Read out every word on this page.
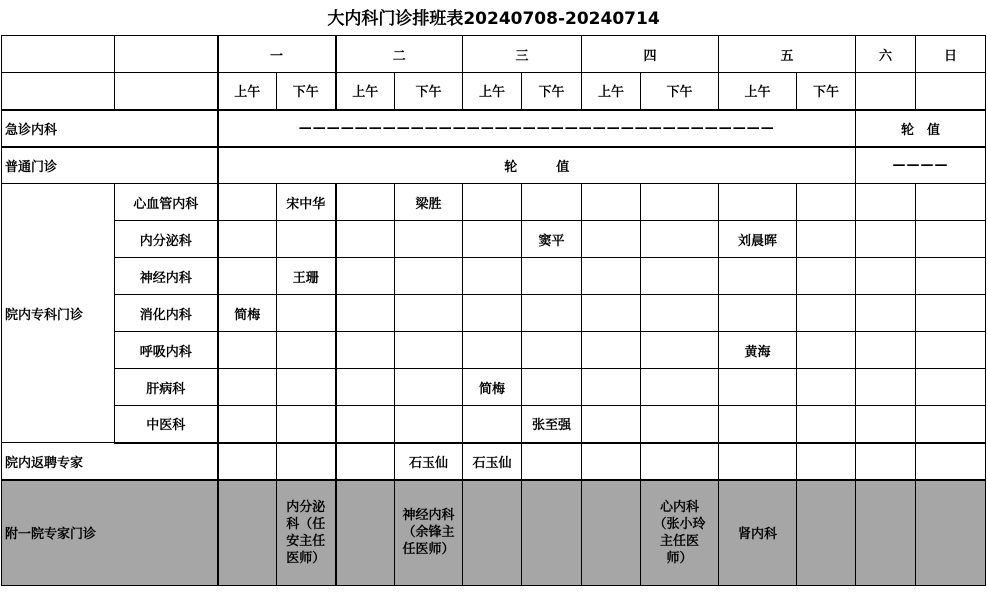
大内科门诊排班表20240708-20240714
		一		二		三		四		五		六	日
		上午	下午	上午	下午	上午	下午	上午	下午	上午	下午		
急诊内科		——————————————————————————————————										轮　值	
普通门诊		轮　　　值										————	
院内专科门诊	心血管内科		宋中华		梁胜								
	内分泌科						窦平			刘晨晖			
	神经内科		王珊										
	消化内科	简梅											
	呼吸内科									黄海			
	肝病科					简梅							
	中医科						张至强						
院内返聘专家					石玉仙	石玉仙							
附一院专家门诊			内分泌科（任安主任医师）		神经内科（余锋主任医师）				心内科（张小玲主任医师）	肾内科			
